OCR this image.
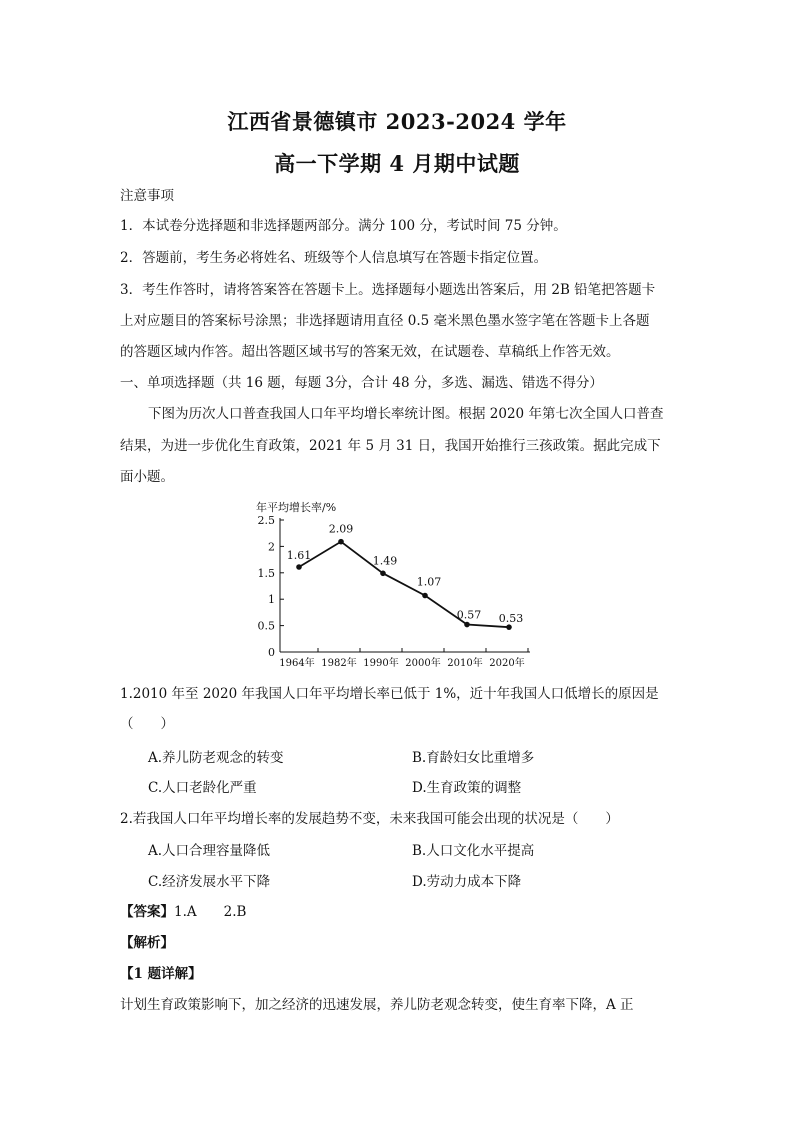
江西省景德镇市 2023-2024 学年
高一下学期 4 月期中试题
注意事项
1．本试卷分选择题和非选择题两部分。满分 100 分，考试时间 75 分钟。
2．答题前，考生务必将姓名、班级等个人信息填写在答题卡指定位置。
3．考生作答时，请将答案答在答题卡上。选择题每小题选出答案后，用 2B 铅笔把答题卡
上对应题目的答案标号涂黑；非选择题请用直径 0.5 毫米黑色墨水签字笔在答题卡上各题
的答题区域内作答。超出答题区域书写的答案无效，在试题卷、草稿纸上作答无效。
一、单项选择题（共 16 题，每题 3分，合计 48 分，多选、漏选、错选不得分）
下图为历次人口普查我国人口年平均增长率统计图。根据 2020 年第七次全国人口普查
结果，为进一步优化生育政策，2021 年 5 月 31 日，我国开始推行三孩政策。据此完成下
面小题。
年平均增长率/%
0
0.5
1
1.5
2
2.5
1964年 1982年 1990年 2000年 2010年 2020年
1.61
2.09
1.49
1.07
0.57 0.53
1.2010 年至 2020 年我国人口年平均增长率已低于 1%，近十年我国人口低增长的原因是
（　　）
A.养儿防老观念的转变	B.育龄妇女比重增多
C.人口老龄化严重	D.生育政策的调整
2.若我国人口年平均增长率的发展趋势不变，未来我国可能会出现的状况是（　　）
A.人口合理容量降低	B.人口文化水平提高
C.经济发展水平下降	D.劳动力成本下降
【答案】1.A　　2.B
【解析】
【1 题详解】
计划生育政策影响下，加之经济的迅速发展，养儿防老观念转变，使生育率下降，A 正
